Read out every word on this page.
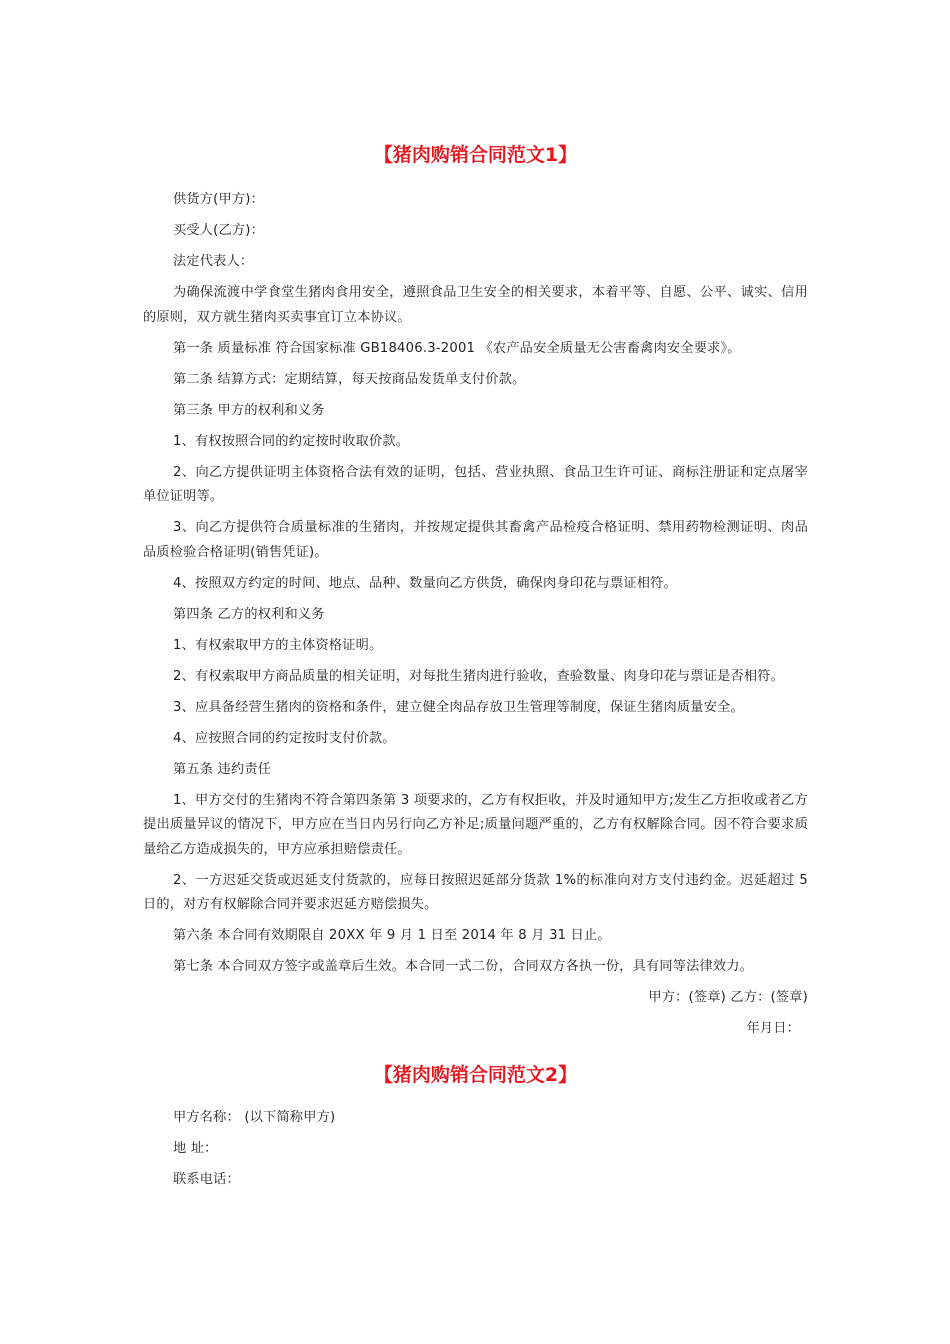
【猪肉购销合同范文1】

供货方(甲方)：

买受人(乙方)：

法定代表人：

为确保流渡中学食堂生猪肉食用安全，遵照食品卫生安全的相关要求，本着平等、自愿、公平、诚实、信用的原则，双方就生猪肉买卖事宜订立本协议。

第一条 质量标准 符合国家标准 GB18406.3-2001 《农产品安全质量无公害畜禽肉安全要求》。

第二条 结算方式：定期结算，每天按商品发货单支付价款。

第三条 甲方的权利和义务

1、有权按照合同的约定按时收取价款。

2、向乙方提供证明主体资格合法有效的证明，包括、营业执照、食品卫生许可证、商标注册证和定点屠宰单位证明等。

3、向乙方提供符合质量标准的生猪肉，并按规定提供其畜禽产品检疫合格证明、禁用药物检测证明、肉品品质检验合格证明(销售凭证)。

4、按照双方约定的时间、地点、品种、数量向乙方供货，确保肉身印花与票证相符。

第四条 乙方的权利和义务

1、有权索取甲方的主体资格证明。

2、有权索取甲方商品质量的相关证明，对每批生猪肉进行验收，查验数量、肉身印花与票证是否相符。

3、应具备经营生猪肉的资格和条件，建立健全肉品存放卫生管理等制度，保证生猪肉质量安全。

4、应按照合同的约定按时支付价款。

第五条 违约责任

1、甲方交付的生猪肉不符合第四条第 3 项要求的，乙方有权拒收，并及时通知甲方;发生乙方拒收或者乙方提出质量异议的情况下，甲方应在当日内另行向乙方补足;质量问题严重的，乙方有权解除合同。因不符合要求质量给乙方造成损失的，甲方应承担赔偿责任。

2、一方迟延交货或迟延支付货款的，应每日按照迟延部分货款 1%的标准向对方支付违约金。迟延超过 5 日的，对方有权解除合同并要求迟延方赔偿损失。

第六条 本合同有效期限自 20XX 年 9 月 1 日至 2014 年 8 月 31 日止。

第七条 本合同双方签字或盖章后生效。本合同一式二份，合同双方各执一份，具有同等法律效力。

甲方：(签章) 乙方：(签章)

年月日：

【猪肉购销合同范文2】

甲方名称： (以下简称甲方)

地 址：

联系电话：
